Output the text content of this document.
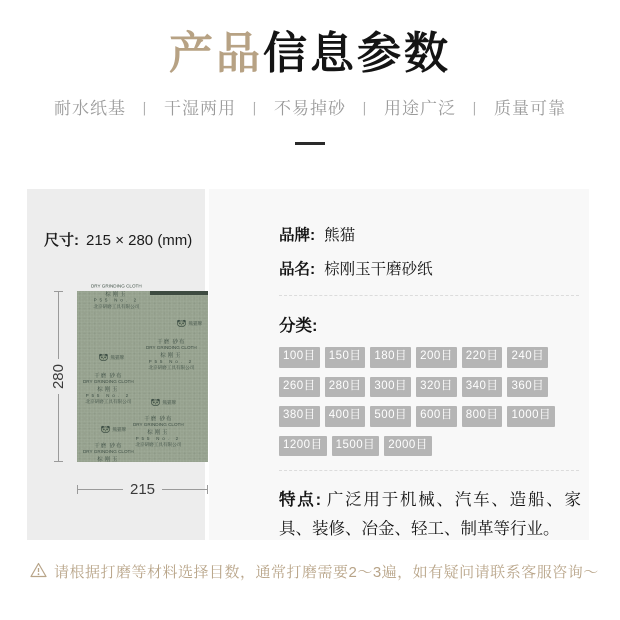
产品信息参数
耐水纸基 丨 干湿两用 丨 不易掉砂 丨 用途广泛 丨 质量可靠
尺寸: 215 × 280 (mm)
DRY GRINDING CLOTH
棕刚玉
P55 No. 2
北京研磨工具有限公司
熊猫牌
干磨 砂布
DRY GRINDING CLOTH
棕刚玉
P55 No. 2
北京研磨工具有限公司
熊猫牌
干磨 砂布
DRY GRINDING CLOTH
棕刚玉
P55 No. 2
北京研磨工具有限公司	熊猫牌
干磨 砂布
DRY GRINDING CLOTH
棕刚玉
P55 No. 2
北京研磨工具有限公司
熊猫牌
干磨 砂布
DRY GRINDING CLOTH
棕刚玉
280
215
品牌: 熊猫
品名: 棕刚玉干磨砂纸
分类:
100目	150目	180目	200目	220目	240目
260目	280目	300目	320目	340目	360目
380目	400目	500目	600目	800目	1000目
1200目	1500目	2000目
特点: 广泛用于机械、汽车、造船、家具、装修、冶金、轻工、制革等行业。
请根据打磨等材料选择目数，通常打磨需要2～3遍，如有疑问请联系客服咨询～
